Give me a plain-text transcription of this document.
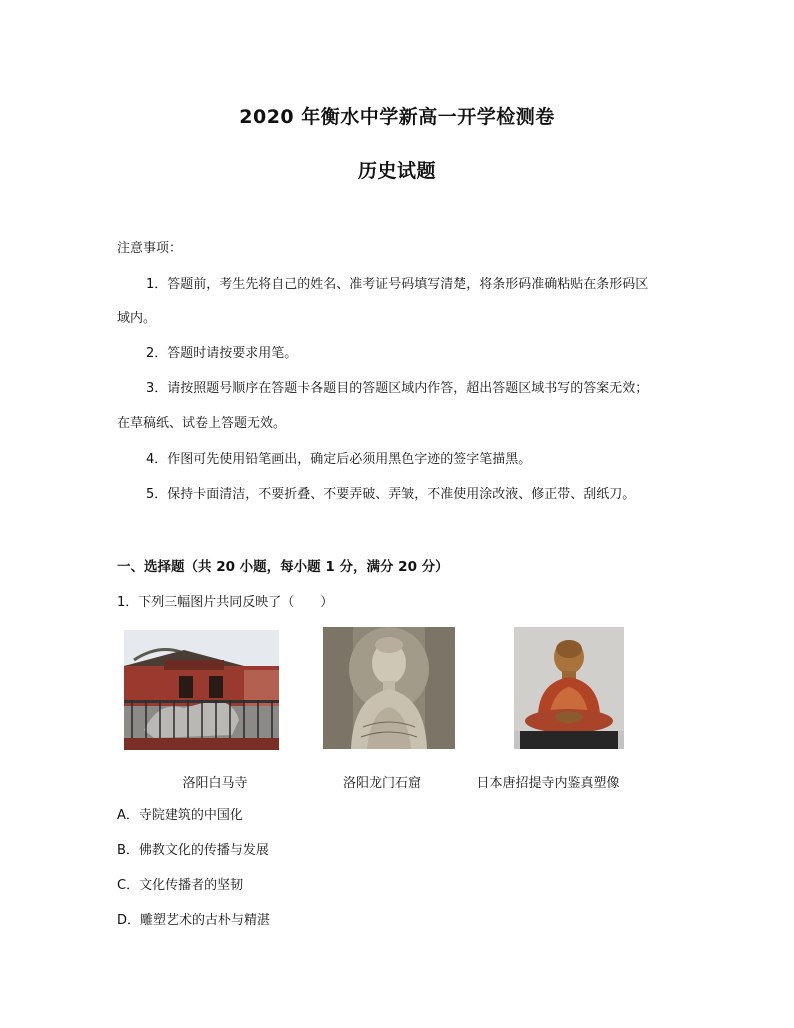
2020 年衡水中学新高一开学检测卷
历史试题
注意事项：
1．答题前，考生先将自己的姓名、准考证号码填写清楚，将条形码准确粘贴在条形码区
域内。
2．答题时请按要求用笔。
3．请按照题号顺序在答题卡各题目的答题区域内作答，超出答题区域书写的答案无效；
在草稿纸、试卷上答题无效。
4．作图可先使用铅笔画出，确定后必须用黑色字迹的签字笔描黑。
5．保持卡面清洁，不要折叠、不要弄破、弄皱，不准使用涂改液、修正带、刮纸刀。
一、选择题（共 20 小题，每小题 1 分，满分 20 分）
1．下列三幅图片共同反映了（　　）
洛阳白马寺	洛阳龙门石窟	日本唐招提寺内鉴真塑像
A．寺院建筑的中国化
B．佛教文化的传播与发展
C．文化传播者的坚韧
D．雕塑艺术的古朴与精湛
